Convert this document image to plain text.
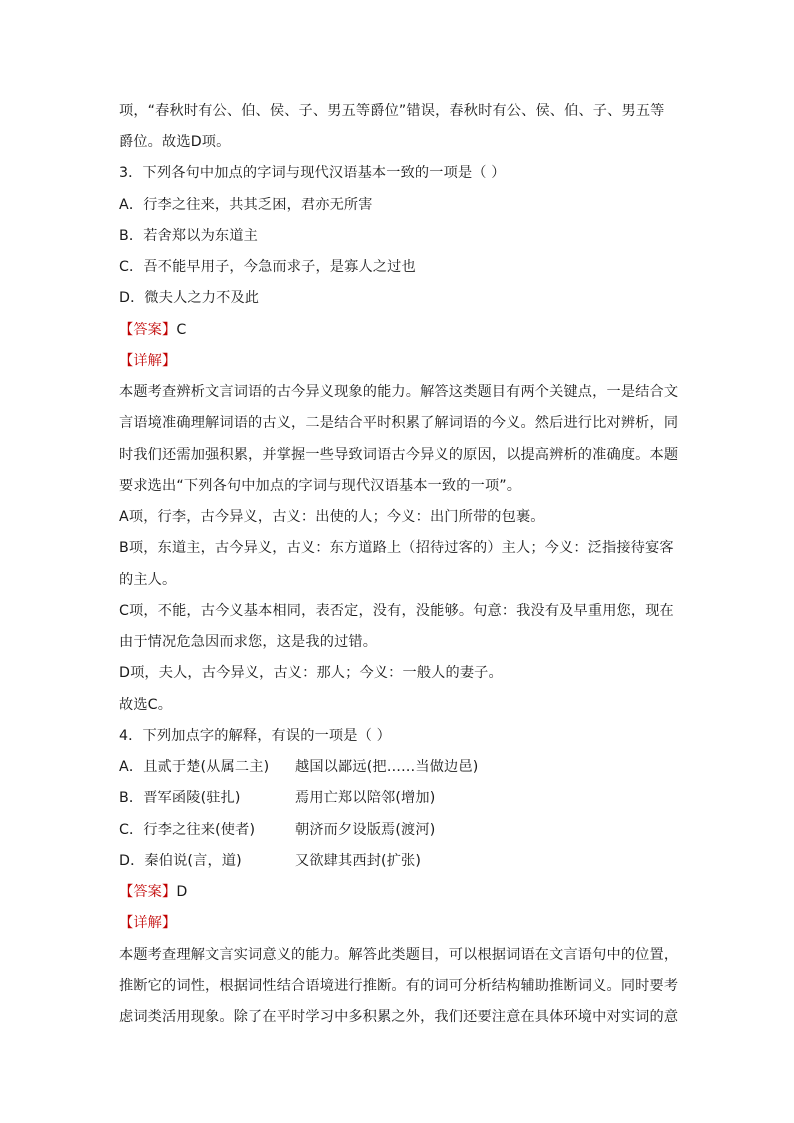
项，“春秋时有公、伯、侯、子、男五等爵位”错误，春秋时有公、侯、伯、子、男五等
爵位。故选D项。
3．下列各句中加点的字词与现代汉语基本一致的一项是（ ）
A．行李之往来，共其乏困，君亦无所害
B．若舍郑以为东道主
C．吾不能早用子，今急而求子，是寡人之过也
D．微夫人之力不及此
【答案】C
【详解】
本题考查辨析文言词语的古今异义现象的能力。解答这类题目有两个关键点，一是结合文
言语境准确理解词语的古义，二是结合平时积累了解词语的今义。然后进行比对辨析，同
时我们还需加强积累，并掌握一些导致词语古今异义的原因，以提高辨析的准确度。本题
要求选出“下列各句中加点的字词与现代汉语基本一致的一项”。
A项，行李，古今异义，古义：出使的人；今义：出门所带的包裹。
B项，东道主，古今异义，古义：东方道路上（招待过客的）主人；今义：泛指接待宴客
的主人。
C项，不能，古今义基本相同，表否定，没有，没能够。句意：我没有及早重用您，现在
由于情况危急因而求您，这是我的过错。
D项，夫人，古今异义，古义：那人；今义：一般人的妻子。
故选C。
4．下列加点字的解释，有误的一项是（ ）
A．且贰于楚(从属二主) 越国以鄙远(把……当做边邑)
B．晋军函陵(驻扎)	焉用亡郑以陪邻(增加)
C．行李之往来(使者)	朝济而夕设版焉(渡河)
D．秦伯说(言，道)	又欲肆其西封(扩张)
【答案】D
【详解】
本题考查理解文言实词意义的能力。解答此类题目，可以根据词语在文言语句中的位置，
推断它的词性，根据词性结合语境进行推断。有的词可分析结构辅助推断词义。同时要考
虑词类活用现象。除了在平时学习中多积累之外，我们还要注意在具体环境中对实词的意
